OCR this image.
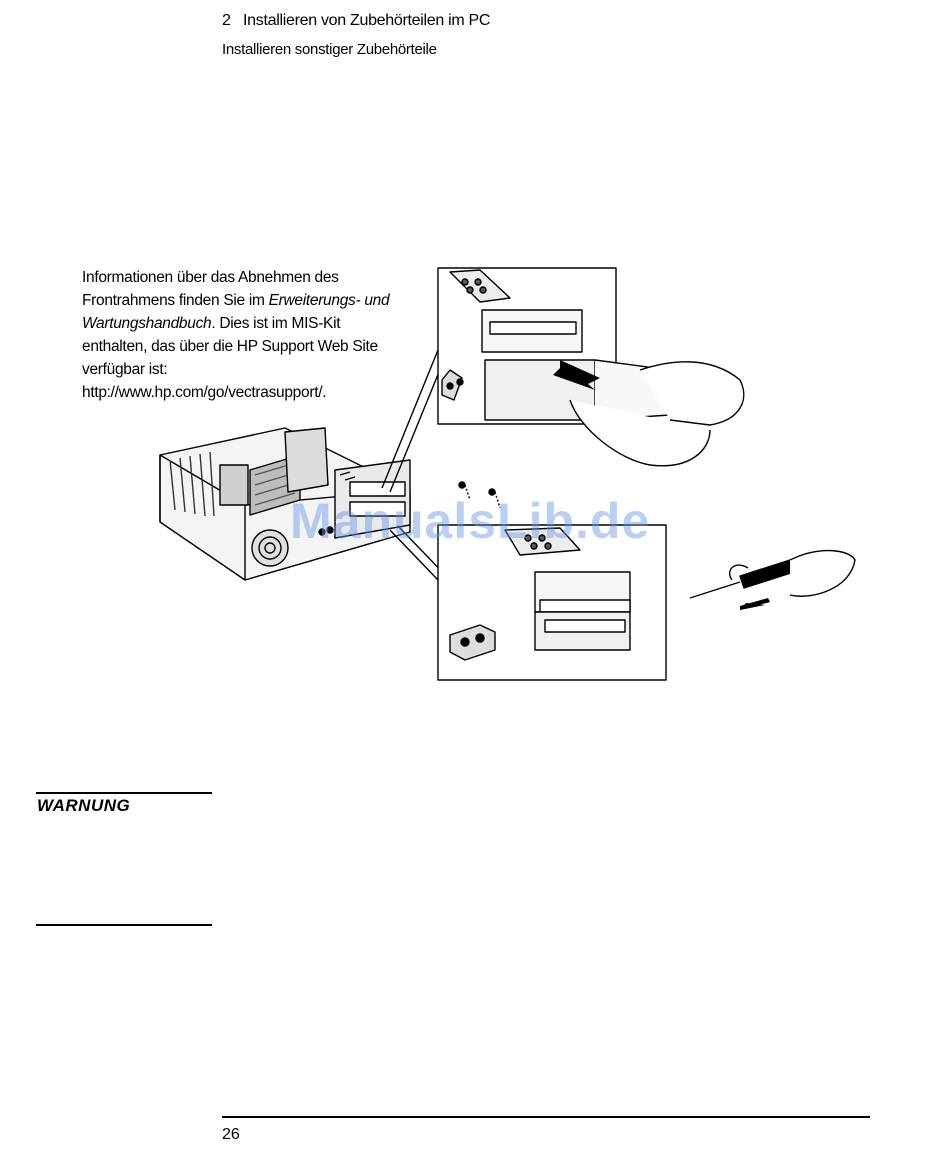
2   Installieren von Zubehörteilen im PC
Installieren sonstiger Zubehörteile
Informationen über das Abnehmen des Frontrahmens finden Sie im Erweiterungs- und Wartungshandbuch. Dies ist im MIS-Kit enthalten, das über die HP Support Web Site verfügbar ist: http://www.hp.com/go/vectrasupport/.
ManualsLib.de
WARNUNG
26
